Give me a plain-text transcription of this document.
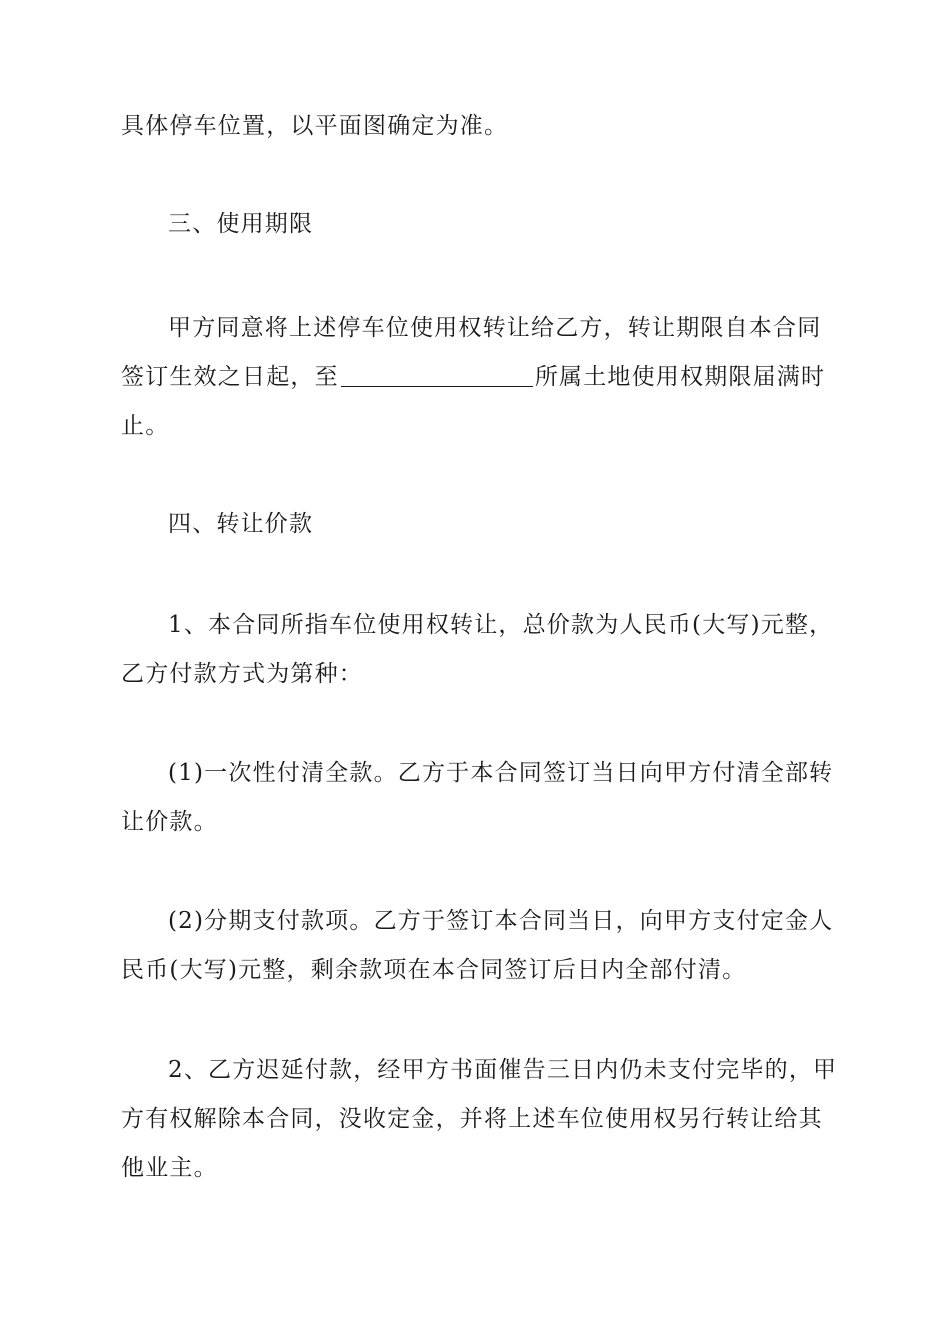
具体停车位置，以平面图确定为准。

三、使用期限

甲方同意将上述停车位使用权转让给乙方，转让期限自本合同
签订生效之日起，至	所属土地使用权期限届满时
止。

四、转让价款

1、本合同所指车位使用权转让，总价款为人民币(大写)元整，
乙方付款方式为第种：

(1)一次性付清全款。乙方于本合同签订当日向甲方付清全部转
让价款。

(2)分期支付款项。乙方于签订本合同当日，向甲方支付定金人
民币(大写)元整，剩余款项在本合同签订后日内全部付清。

2、乙方迟延付款，经甲方书面催告三日内仍未支付完毕的，甲
方有权解除本合同，没收定金，并将上述车位使用权另行转让给其
他业主。
